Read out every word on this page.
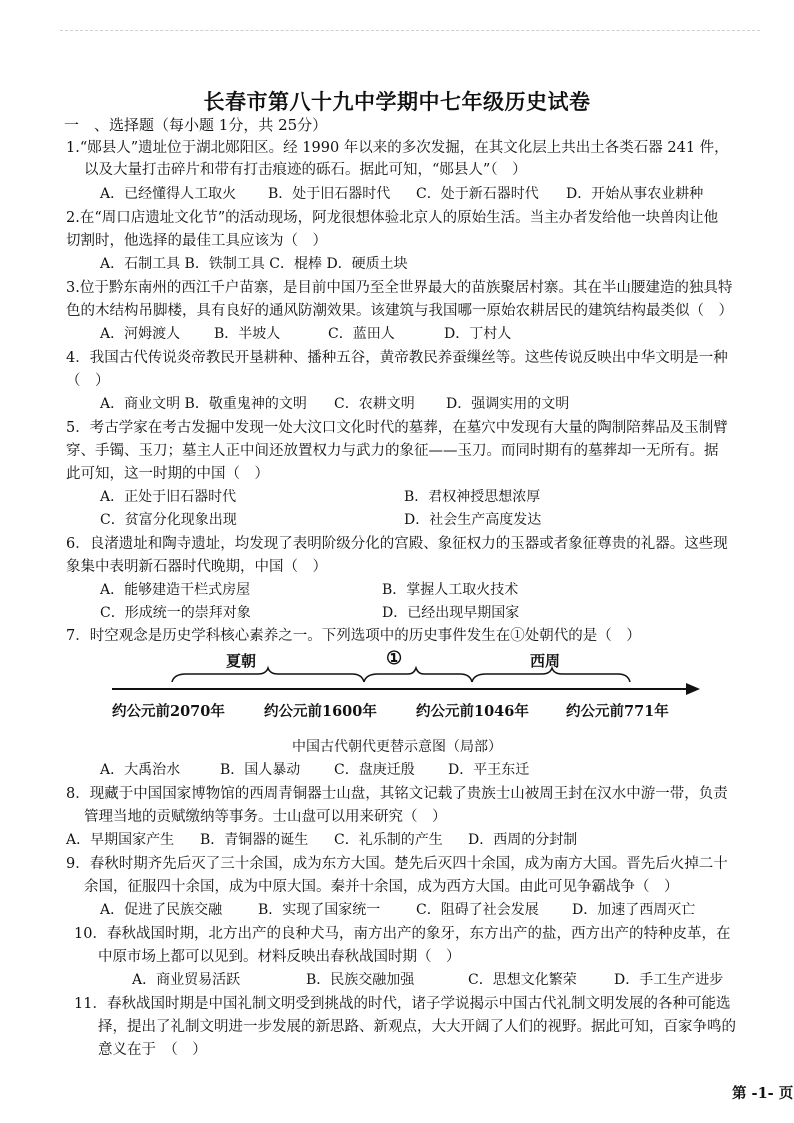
长春市第八十九中学期中七年级历史试卷
一　、选择题（每小题 1分，共 25分）
1.“郧县人”遗址位于湖北郧阳区。经 1990 年以来的多次发掘，在其文化层上共出土各类石器 241 件，
以及大量打击碎片和带有打击痕迹的砾石。据此可知，“郧县人”（　）
A．已经懂得人工取火 B．处于旧石器时代 C．处于新石器时代 D．开始从事农业耕种
2.在“周口店遗址文化节”的活动现场，阿龙很想体验北京人的原始生活。当主办者发给他一块兽肉让他
切割时，他选择的最佳工具应该为（　）
A．石制工具 B．铁制工具 C．棍棒 D．硬质土块
3.位于黔东南州的西江千户苗寨，是目前中国乃至全世界最大的苗族聚居村寨。其在半山腰建造的独具特
色的木结构吊脚楼，具有良好的通风防潮效果。该建筑与我国哪一原始农耕居民的建筑结构最类似（　）
A．河姆渡人 B．半坡人	C．蓝田人	D．丁村人
4．我国古代传说炎帝教民开垦耕种、播种五谷，黄帝教民养蚕缫丝等。这些传说反映出中华文明是一种
（　）
A．商业文明 B．敬重鬼神的文明 C．农耕文明 D．强调实用的文明
5．考古学家在考古发掘中发现一处大汶口文化时代的墓葬，在墓穴中发现有大量的陶制陪葬品及玉制臂
穿、手镯、玉刀；墓主人正中间还放置权力与武力的象征——玉刀。而同时期有的墓葬却一无所有。据
此可知，这一时期的中国（　）
A．正处于旧石器时代	B．君权神授思想浓厚
C．贫富分化现象出现	D．社会生产高度发达
6．良渚遗址和陶寺遗址，均发现了表明阶级分化的宫殿、象征权力的玉器或者象征尊贵的礼器。这些现
象集中表明新石器时代晚期，中国（　）
A．能够建造干栏式房屋	B．掌握人工取火技术
C．形成统一的崇拜对象	D．已经出现早期国家
7．时空观念是历史学科核心素养之一。下列选项中的历史事件发生在①处朝代的是（　）
夏朝	①	西周
约公元前2070年	约公元前1600年	约公元前1046年	约公元前771年
中国古代朝代更替示意图（局部）
A．大禹治水	B．国人暴动 C．盘庚迁殷 D．平王东迁
8．现藏于中国国家博物馆的西周青铜器士山盘，其铭文记载了贵族士山被周王封在汉水中游一带，负责
管理当地的贡赋缴纳等事务。士山盘可以用来研究（　）
A．早期国家产生 B．青铜器的诞生 C．礼乐制的产生 D．西周的分封制
9．春秋时期齐先后灭了三十余国，成为东方大国。楚先后灭四十余国，成为南方大国。晋先后火掉二十
余国，征服四十余国，成为中原大国。秦并十余国，成为西方大国。由此可见争霸战争（　）
A．促进了民族交融	B．实现了国家统一	C．阻碍了社会发展 D．加速了西周灭亡
10．春秋战国时期，北方出产的良种犬马，南方出产的象牙，东方出产的盐，西方出产的特种皮革，在
中原市场上都可以见到。材料反映出春秋战国时期（　）
A．商业贸易活跃	B．民族交融加强	C．思想文化繁荣	D．手工生产进步
11．春秋战国时期是中国礼制文明受到挑战的时代，诸子学说揭示中国古代礼制文明发展的各种可能选
择，提出了礼制文明进一步发展的新思路、新观点，大大开阔了人们的视野。据此可知，百家争鸣的
意义在于　（　）
第 -1- 页
